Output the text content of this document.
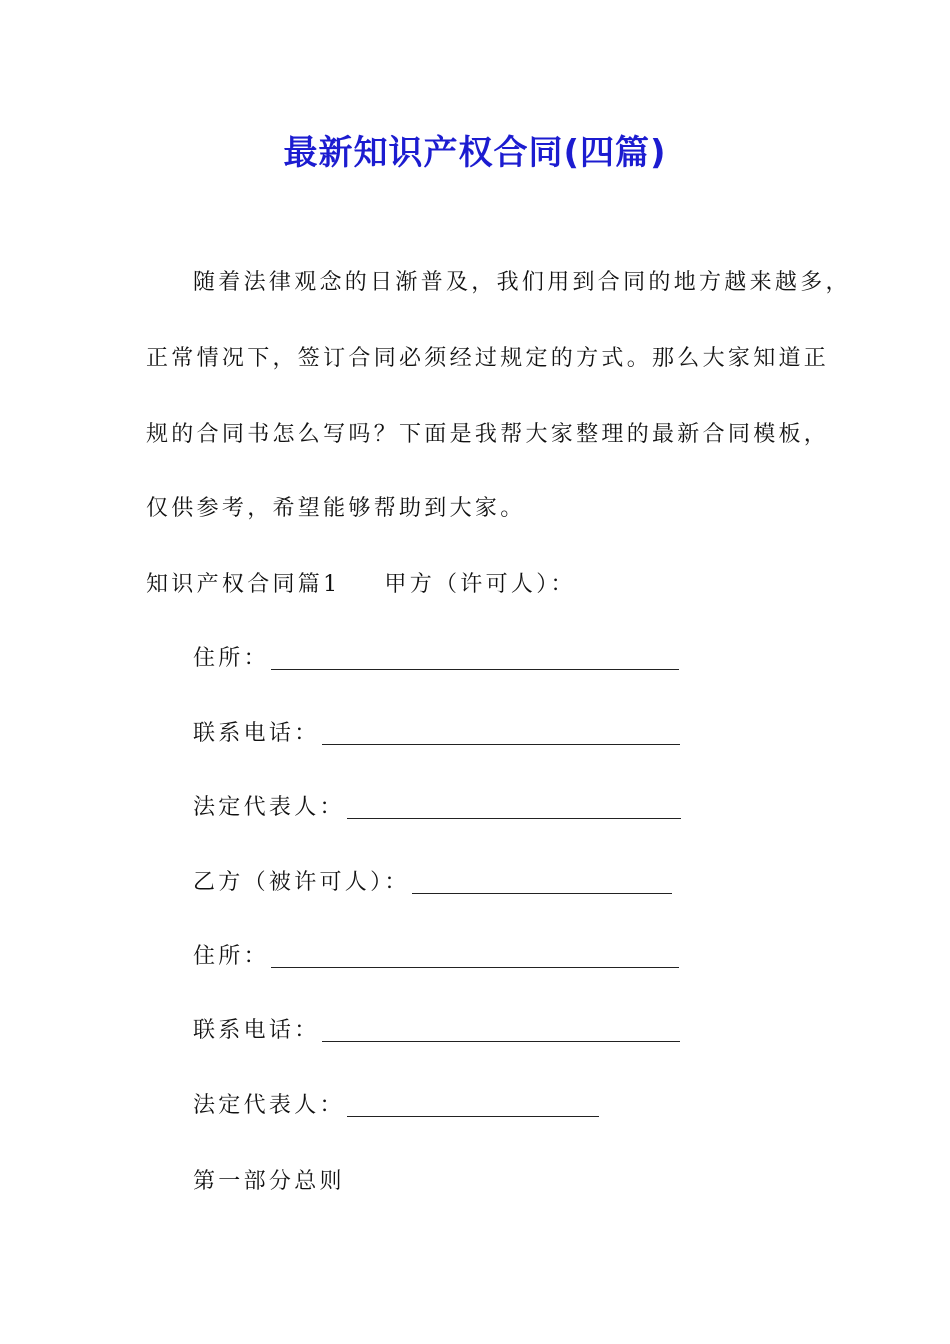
最新知识产权合同(四篇)
随着法律观念的日渐普及，我们用到合同的地方越来越多，
正常情况下，签订合同必须经过规定的方式。那么大家知道正
规的合同书怎么写吗？下面是我帮大家整理的最新合同模板，
仅供参考，希望能够帮助到大家。
知识产权合同篇1 甲方（许可人）：
住所：
联系电话：
法定代表人：
乙方（被许可人）：
住所：
联系电话：
法定代表人：
第一部分总则
